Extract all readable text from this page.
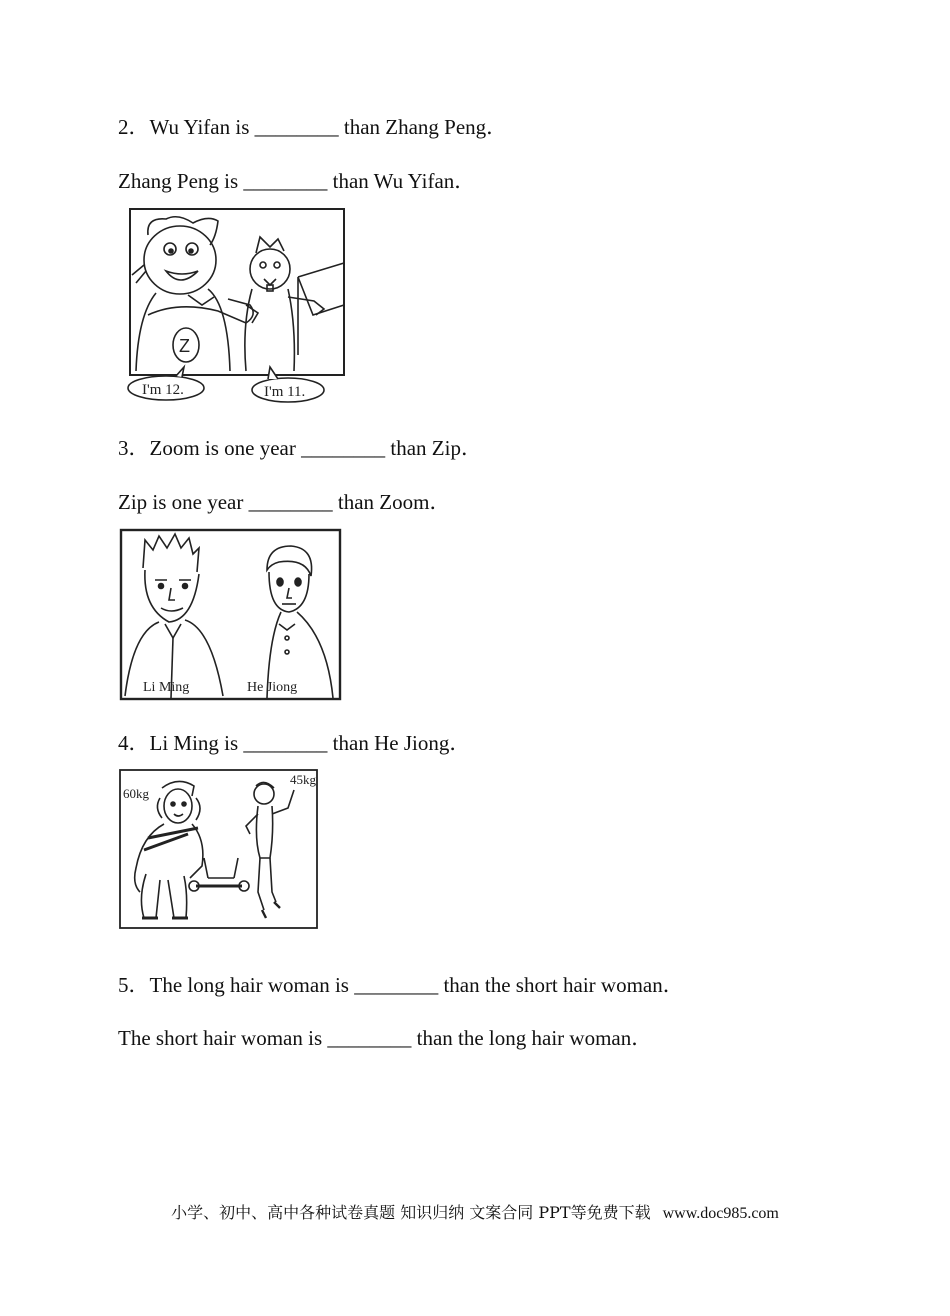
2．Wu Yifan is ________ than Zhang Peng．
Zhang Peng is ________ than Wu Yifan．
Z
I'm 12.	I'm 11.
3．Zoom is one year ________ than Zip．
Zip is one year ________ than Zoom．
Li Ming	He Jiong
4．Li Ming is ________ than He Jiong．
60kg
45kg
5．The long hair woman is ________ than the short hair woman．
The short hair woman is ________ than the long hair woman．
小学、初中、高中各种试卷真题 知识归纳 文案合同 PPT等免费下载 www.doc985.com
